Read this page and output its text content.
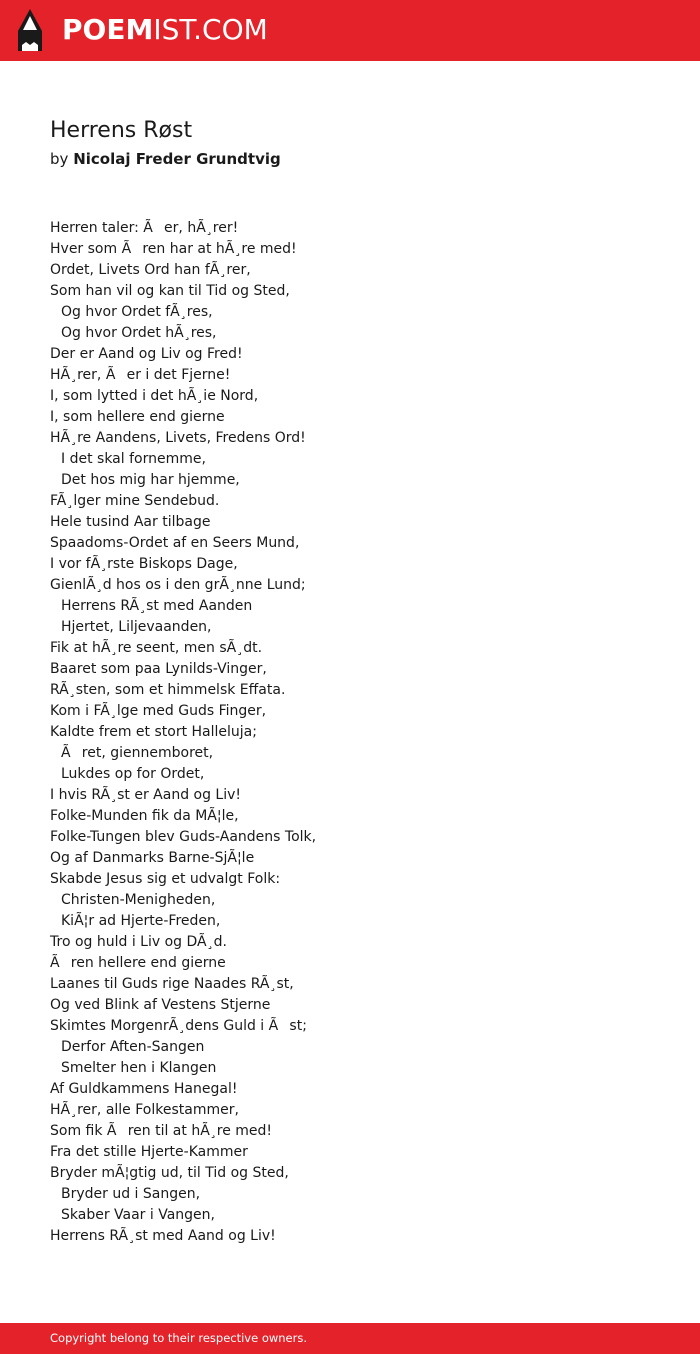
POEMIST.COM
Herrens Røst
by Nicolaj Freder Grundtvig
Herren taler: Ãer, hÃ¸rer!
Hver som Ãren har at hÃ¸re med!
Ordet, Livets Ord han fÃ¸rer,
Som han vil og kan til Tid og Sted,
Og hvor Ordet fÃ¸res,
Og hvor Ordet hÃ¸res,
Der er Aand og Liv og Fred!
HÃ¸rer, Ãer i det Fjerne!
I, som lytted i det hÃ¸ie Nord,
I, som hellere end gierne
HÃ¸re Aandens, Livets, Fredens Ord!
I det skal fornemme,
Det hos mig har hjemme,
FÃ¸lger mine Sendebud.
Hele tusind Aar tilbage
Spaadoms-Ordet af en Seers Mund,
I vor fÃ¸rste Biskops Dage,
GienlÃ¸d hos os i den grÃ¸nne Lund;
Herrens RÃ¸st med Aanden
Hjertet, Liljevaanden,
Fik at hÃ¸re seent, men sÃ¸dt.
Baaret som paa Lynilds-Vinger,
RÃ¸sten, som et himmelsk Effata.
Kom i FÃ¸lge med Guds Finger,
Kaldte frem et stort Halleluja;
Ãret, giennemboret,
Lukdes op for Ordet,
I hvis RÃ¸st er Aand og Liv!
Folke-Munden fik da MÃ¦le,
Folke-Tungen blev Guds-Aandens Tolk,
Og af Danmarks Barne-SjÃ¦le
Skabde Jesus sig et udvalgt Folk:
Christen-Menigheden,
KiÃ¦r ad Hjerte-Freden,
Tro og huld i Liv og DÃ¸d.
Ãren hellere end gierne
Laanes til Guds rige Naades RÃ¸st,
Og ved Blink af Vestens Stjerne
Skimtes MorgenrÃ¸dens Guld i Ãst;
Derfor Aften-Sangen
Smelter hen i Klangen
Af Guldkammens Hanegal!
HÃ¸rer, alle Folkestammer,
Som fik Ãren til at hÃ¸re med!
Fra det stille Hjerte-Kammer
Bryder mÃ¦gtig ud, til Tid og Sted,
Bryder ud i Sangen,
Skaber Vaar i Vangen,
Herrens RÃ¸st med Aand og Liv!
Copyright belong to their respective owners.
